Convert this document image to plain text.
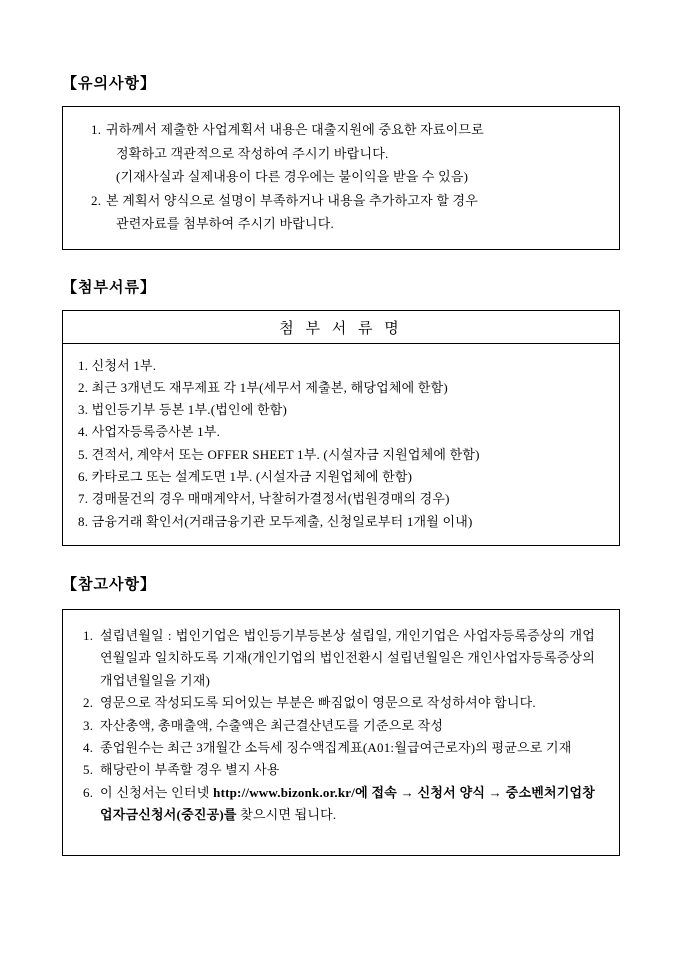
【유의사항】
1. 귀하께서 제출한 사업계획서 내용은 대출지원에 중요한 자료이므로
정확하고 객관적으로 작성하여 주시기 바랍니다.
(기재사실과 실제내용이 다른 경우에는 불이익을 받을 수 있음)
2. 본 계획서 양식으로 설명이 부족하거나 내용을 추가하고자 할 경우
관련자료를 첨부하여 주시기 바랍니다.
【첨부서류】
첨 부 서 류 명
1. 신청서 1부.
2. 최근 3개년도 재무제표 각 1부(세무서 제출본, 해당업체에 한함)
3. 법인등기부 등본 1부.(법인에 한함)
4. 사업자등록증사본 1부.
5. 견적서, 계약서 또는 OFFER SHEET 1부. (시설자금 지원업체에 한함)
6. 카타로그 또는 설계도면 1부. (시설자금 지원업체에 한함)
7. 경매물건의 경우 매매계약서, 낙찰허가결정서(법원경매의 경우)
8. 금융거래 확인서(거래금융기관 모두제출, 신청일로부터 1개월 이내)
【참고사항】
1. 설립년월일 : 법인기업은 법인등기부등본상 설립일, 개인기업은 사업자등록증상의 개업연월일과 일치하도록 기재(개인기업의 법인전환시 설립년월일은 개인사업자등록증상의 개업년월일을 기재)
2. 영문으로 작성되도록 되어있는 부분은 빠짐없이 영문으로 작성하셔야 합니다.
3. 자산총액, 총매출액, 수출액은 최근결산년도를 기준으로 작성
4. 종업원수는 최근 3개월간 소득세 징수액집계표(A01:월급여근로자)의 평균으로 기재
5. 해당란이 부족할 경우 별지 사용
6. 이 신청서는 인터넷 http://www.bizonk.or.kr/에 접속 → 신청서 양식 → 중소벤처기업창업자금신청서(중진공)를 찾으시면 됩니다.
